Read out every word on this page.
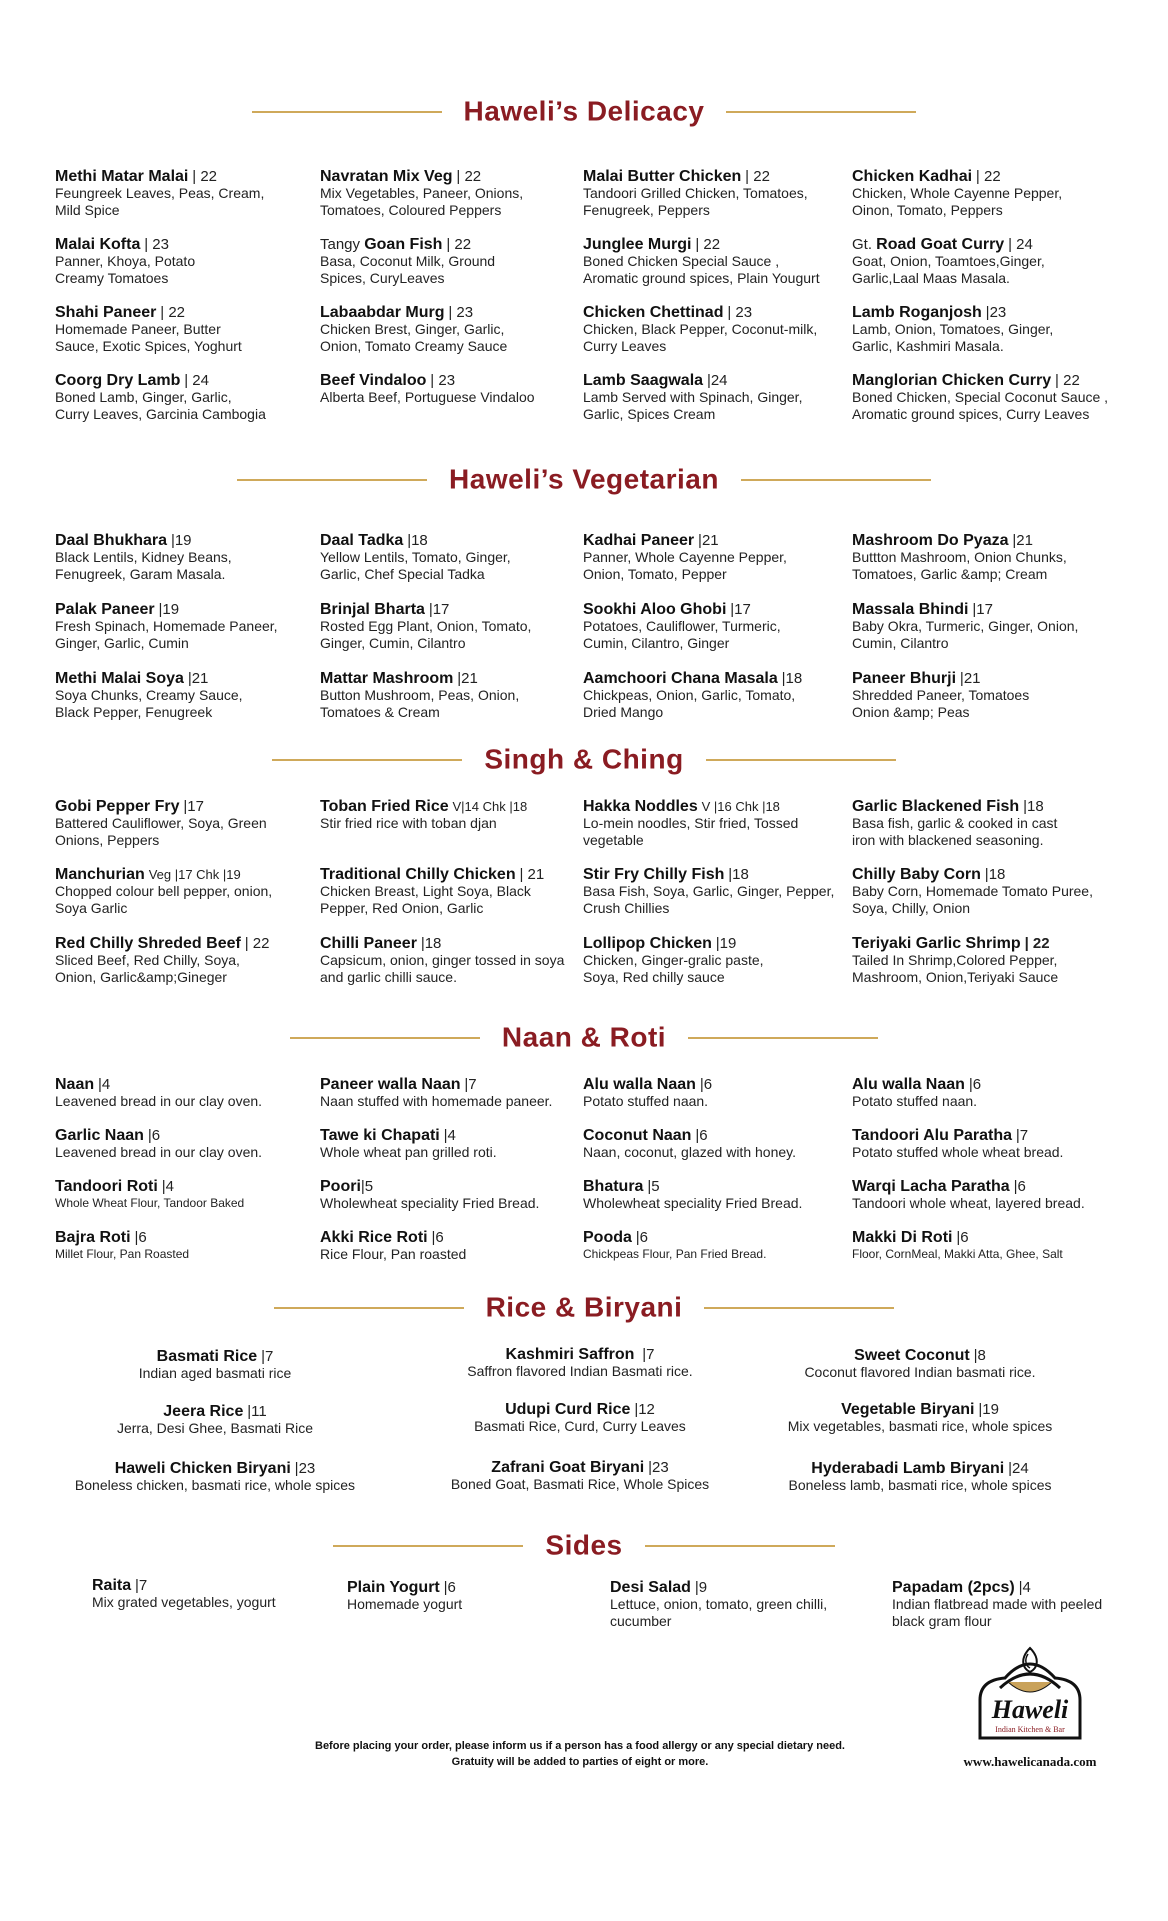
Haweli’s Delicacy
Haweli’s Vegetarian
Singh & Ching
Naan & Roti
Rice & Biryani
Sides
Methi Matar Malai | 22
Feungreek Leaves, Peas, Cream,
Mild Spice
Navratan Mix Veg | 22
Mix Vegetables, Paneer, Onions,
Tomatoes, Coloured Peppers
Malai Butter Chicken | 22
Tandoori Grilled Chicken, Tomatoes,
Fenugreek, Peppers
Chicken Kadhai | 22
Chicken, Whole Cayenne Pepper,
Oinon, Tomato, Peppers
Malai Kofta | 23
Panner, Khoya, Potato
Creamy Tomatoes
Tangy Goan Fish | 22
Basa, Coconut Milk, Ground
Spices, CuryLeaves
Junglee Murgi | 22
Boned Chicken Special Sauce ,
Aromatic ground spices, Plain Yougurt
Gt. Road Goat Curry | 24
Goat, Onion, Toamtoes,Ginger,
Garlic,Laal Maas Masala.
Shahi Paneer | 22
Homemade Paneer, Butter
Sauce, Exotic Spices, Yoghurt
Labaabdar Murg | 23
Chicken Brest, Ginger, Garlic,
Onion, Tomato Creamy Sauce
Chicken Chettinad | 23
Chicken, Black Pepper, Coconut-milk,
Curry Leaves
Lamb Roganjosh |23
Lamb, Onion, Tomatoes, Ginger,
Garlic, Kashmiri Masala.
Coorg Dry Lamb | 24
Boned Lamb, Ginger, Garlic,
Curry Leaves, Garcinia Cambogia
Beef Vindaloo | 23
Alberta Beef, Portuguese Vindaloo
Lamb Saagwala |24
Lamb Served with Spinach, Ginger,
Garlic, Spices Cream
Manglorian Chicken Curry | 22
Boned Chicken, Special Coconut Sauce ,
Aromatic ground spices, Curry Leaves
Daal Bhukhara |19
Black Lentils, Kidney Beans,
Fenugreek, Garam Masala.
Daal Tadka |18
Yellow Lentils, Tomato, Ginger,
Garlic, Chef Special Tadka
Kadhai Paneer |21
Panner, Whole Cayenne Pepper,
Onion, Tomato, Pepper
Mashroom Do Pyaza |21
Buttton Mashroom, Onion Chunks,
Tomatoes, Garlic &amp; Cream
Palak Paneer |19
Fresh Spinach, Homemade Paneer,
Ginger, Garlic, Cumin
Brinjal Bharta |17
Rosted Egg Plant, Onion, Tomato,
Ginger, Cumin, Cilantro
Sookhi Aloo Ghobi |17
Potatoes, Cauliflower, Turmeric,
Cumin, Cilantro, Ginger
Massala Bhindi |17
Baby Okra, Turmeric, Ginger, Onion,
Cumin, Cilantro
Methi Malai Soya |21
Soya Chunks, Creamy Sauce,
Black Pepper, Fenugreek
Mattar Mashroom |21
Button Mushroom, Peas, Onion,
Tomatoes & Cream
Aamchoori Chana Masala |18
Chickpeas, Onion, Garlic, Tomato,
Dried Mango
Paneer Bhurji |21
Shredded Paneer, Tomatoes
Onion &amp; Peas
Gobi Pepper Fry |17
Battered Cauliflower, Soya, Green
Onions, Peppers
Toban Fried Rice V|14 Chk |18
Stir fried rice with toban djan
Hakka Noddles V |16 Chk |18
Lo-mein noodles, Stir fried, Tossed
vegetable
Garlic Blackened Fish |18
Basa fish, garlic & cooked in cast
iron with blackened seasoning.
Manchurian Veg |17 Chk |19
Chopped colour bell pepper, onion,
Soya Garlic
Traditional Chilly Chicken | 21
Chicken Breast, Light Soya, Black
Pepper, Red Onion, Garlic
Stir Fry Chilly Fish |18
Basa Fish, Soya, Garlic, Ginger, Pepper,
Crush Chillies
Chilly Baby Corn |18
Baby Corn, Homemade Tomato Puree,
Soya, Chilly, Onion
Red Chilly Shreded Beef | 22
Sliced Beef, Red Chilly, Soya,
Onion, Garlic&amp;Gineger
Chilli Paneer |18
Capsicum, onion, ginger tossed in soya
and garlic chilli sauce.
Lollipop Chicken |19
Chicken, Ginger-gralic paste,
Soya, Red chilly sauce
Teriyaki Garlic Shrimp | 22
Tailed In Shrimp,Colored Pepper,
Mashroom, Onion,Teriyaki Sauce
Naan |4
Leavened bread in our clay oven.
Paneer walla Naan |7
Naan stuffed with homemade paneer.
Alu walla Naan |6
Potato stuffed naan.
Alu walla Naan |6
Potato stuffed naan.
Garlic Naan |6
Leavened bread in our clay oven.
Tawe ki Chapati |4
Whole wheat pan grilled roti.
Coconut Naan |6
Naan, coconut, glazed with honey.
Tandoori Alu Paratha |7
Potato stuffed whole wheat bread.
Tandoori Roti |4
Whole Wheat Flour, Tandoor Baked
Poori|5
Wholewheat speciality Fried Bread.
Bhatura |5
Wholewheat speciality Fried Bread.
Warqi Lacha Paratha |6
Tandoori whole wheat, layered bread.
Bajra Roti |6
Millet Flour, Pan Roasted
Akki Rice Roti |6
Rice Flour, Pan roasted
Pooda |6
Chickpeas Flour, Pan Fried Bread.
Makki Di Roti |6
Floor, CornMeal, Makki Atta, Ghee, Salt
Basmati Rice |7
Indian aged basmati rice
Kashmiri Saffron |7
Saffron flavored Indian Basmati rice.
Sweet Coconut |8
Coconut flavored Indian basmati rice.
Jeera Rice |11
Jerra, Desi Ghee, Basmati Rice
Udupi Curd Rice |12
Basmati Rice, Curd, Curry Leaves
Vegetable Biryani |19
Mix vegetables, basmati rice, whole spices
Haweli Chicken Biryani |23
Boneless chicken, basmati rice, whole spices
Zafrani Goat Biryani |23
Boned Goat, Basmati Rice, Whole Spices
Hyderabadi Lamb Biryani |24
Boneless lamb, basmati rice, whole spices
Raita |7
Mix grated vegetables, yogurt
Plain Yogurt |6
Homemade yogurt
Desi Salad |9
Lettuce, onion, tomato, green chilli,
cucumber
Papadam (2pcs) |4
Indian flatbread made with peeled
black gram flour
Before placing your order, please inform us if a person has a food allergy or any special dietary need.
Gratuity will be added to parties of eight or more.
Haweli
Indian Kitchen & Bar
www.hawelicanada.com
